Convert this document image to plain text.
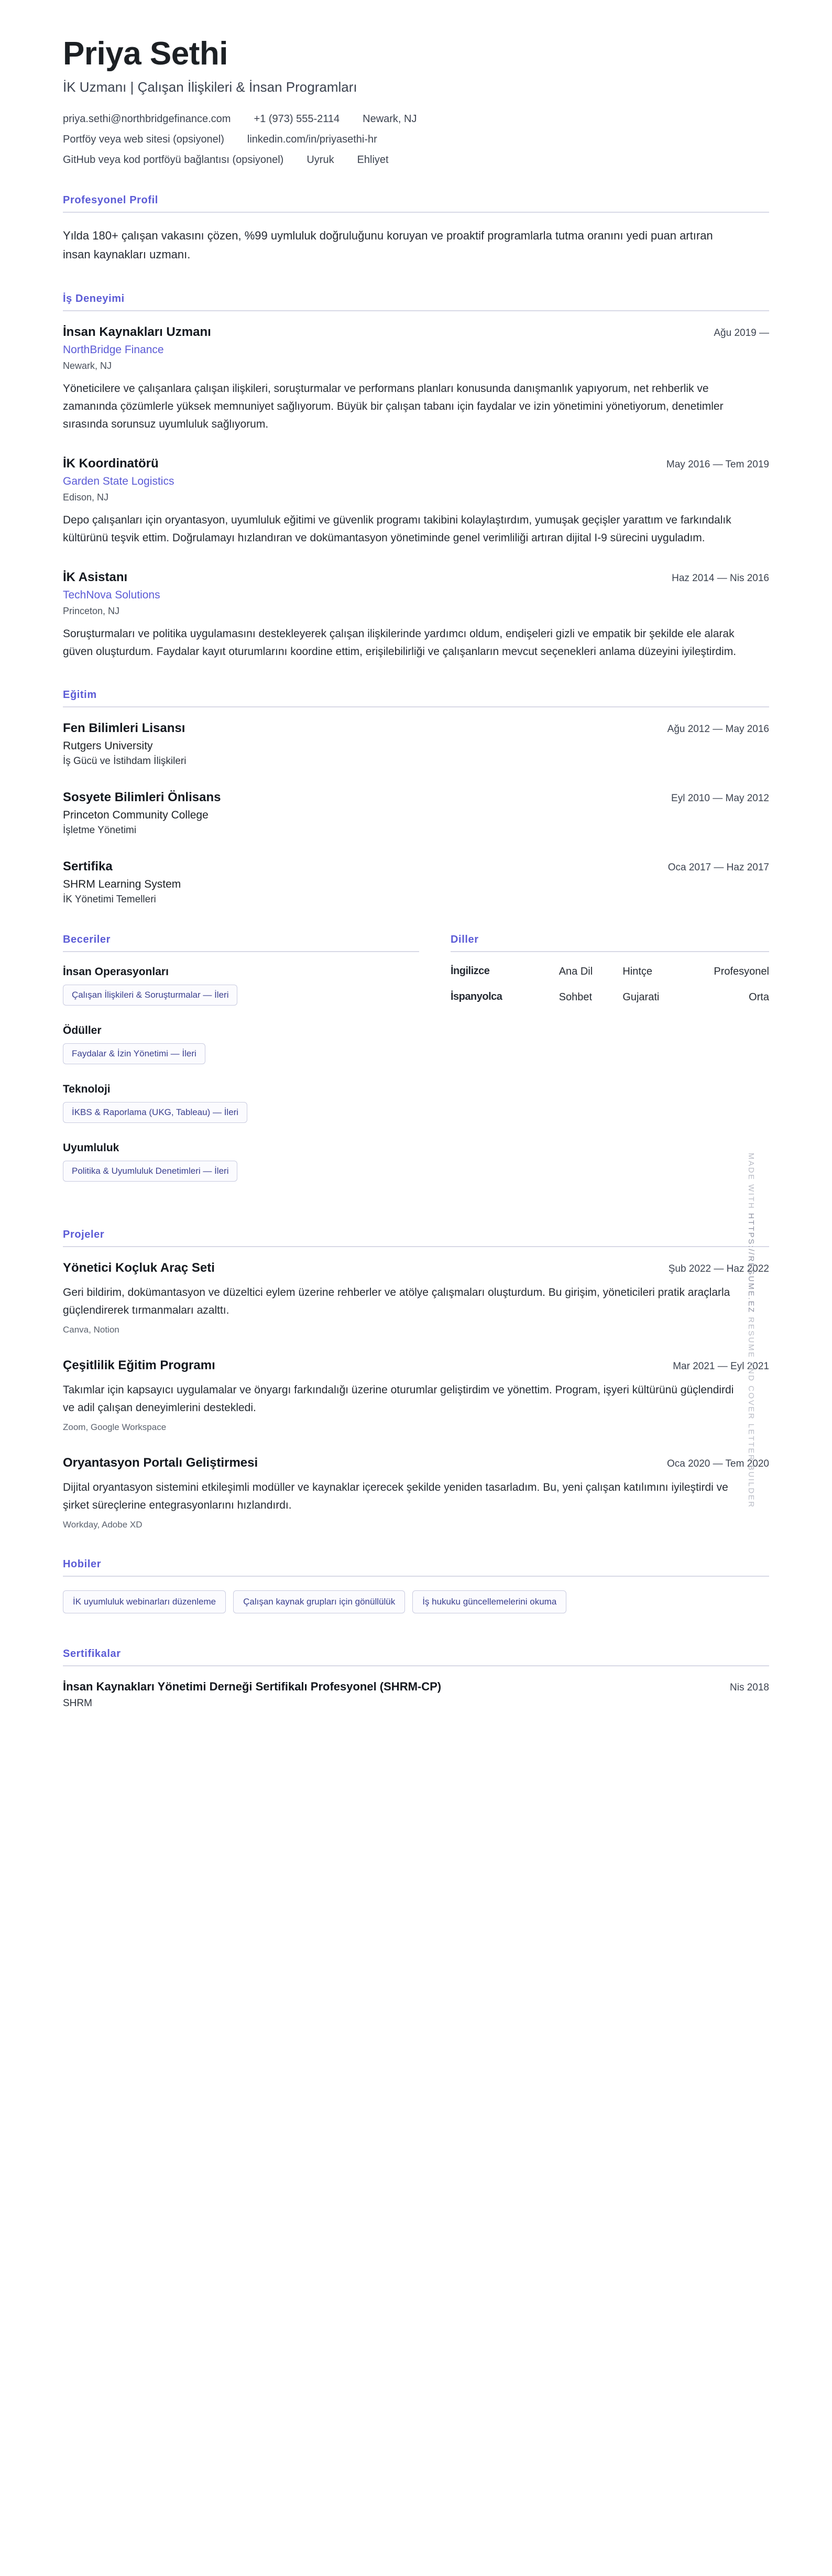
Priya Sethi
İK Uzmanı | Çalışan İlişkileri & İnsan Programları
priya.sethi@northbridgefinance.com +1 (973) 555-2114 Newark, NJ
Portföy veya web sitesi (opsiyonel) linkedin.com/in/priyasethi-hr
GitHub veya kod portföyü bağlantısı (opsiyonel) Uyruk Ehliyet
Profesyonel Profil
Yılda 180+ çalışan vakasını çözen, %99 uymluluk doğruluğunu koruyan ve proaktif programlarla tutma oranını yedi puan artıran insan kaynakları uzmanı.
İş Deneyimi
İnsan Kaynakları Uzmanı	Ağu 2019 —
NorthBridge Finance
Newark, NJ
Yöneticilere ve çalışanlara çalışan ilişkileri, soruşturmalar ve performans planları konusunda danışmanlık yapıyorum, net rehberlik ve zamanında çözümlerle yüksek memnuniyet sağlıyorum. Büyük bir çalışan tabanı için faydalar ve izin yönetimini yönetiyorum, denetimler sırasında sorunsuz uyumluluk sağlıyorum.
İK Koordinatörü	May 2016 — Tem 2019
Garden State Logistics
Edison, NJ
Depo çalışanları için oryantasyon, uyumluluk eğitimi ve güvenlik programı takibini kolaylaştırdım, yumuşak geçişler yarattım ve farkındalık kültürünü teşvik ettim. Doğrulamayı hızlandıran ve dokümantasyon yönetiminde genel verimliliği artıran dijital I-9 sürecini uyguladım.
İK Asistanı	Haz 2014 — Nis 2016
TechNova Solutions
Princeton, NJ
Soruşturmaları ve politika uygulamasını destekleyerek çalışan ilişkilerinde yardımcı oldum, endişeleri gizli ve empatik bir şekilde ele alarak güven oluşturdum. Faydalar kayıt oturumlarını koordine ettim, erişilebilirliği ve çalışanların mevcut seçenekleri anlama düzeyini iyileştirdim.
Eğitim
Fen Bilimleri Lisansı	Ağu 2012 — May 2016
Rutgers University
İş Gücü ve İstihdam İlişkileri
Sosyete Bilimleri Önlisans	Eyl 2010 — May 2012
Princeton Community College
İşletme Yönetimi
Sertifika	Oca 2017 — Haz 2017
SHRM Learning System
İK Yönetimi Temelleri
Beceriler
İnsan Operasyonları
Çalışan İlişkileri & Soruşturmalar — İleri
Ödüller
Faydalar & İzin Yönetimi — İleri
Teknoloji
İKBS & Raporlama (UKG, Tableau) — İleri
Uyumluluk
Politika & Uyumluluk Denetimleri — İleri
Diller
İngilizce	Ana Dil	Hintçe	Profesyonel
İspanyolca	Sohbet	Gujarati	Orta
Projeler
Yönetici Koçluk Araç Seti	Şub 2022 — Haz 2022
Geri bildirim, dokümantasyon ve düzeltici eylem üzerine rehberler ve atölye çalışmaları oluşturdum. Bu girişim, yöneticileri pratik araçlarla güçlendirerek tırmanmaları azalttı.
Canva, Notion
Çeşitlilik Eğitim Programı	Mar 2021 — Eyl 2021
Takımlar için kapsayıcı uygulamalar ve önyargı farkındalığı üzerine oturumlar geliştirdim ve yönettim. Program, işyeri kültürünü güçlendirdi ve adil çalışan deneyimlerini destekledi.
Zoom, Google Workspace
Oryantasyon Portalı Geliştirmesi	Oca 2020 — Tem 2020
Dijital oryantasyon sistemini etkileşimli modüller ve kaynaklar içerecek şekilde yeniden tasarladım. Bu, yeni çalışan katılımını iyileştirdi ve şirket süreçlerine entegrasyonlarını hızlandırdı.
Workday, Adobe XD
Hobiler
İK uyumluluk webinarları düzenleme	Çalışan kaynak grupları için gönüllülük	İş hukuku güncellemelerini okuma
Sertifikalar
İnsan Kaynakları Yönetimi Derneği Sertifikalı Profesyonel (SHRM-CP)	Nis 2018
SHRM
MADE WITH HTTPS://RESUME.EZ RESUME AND COVER LETTER BUILDER
